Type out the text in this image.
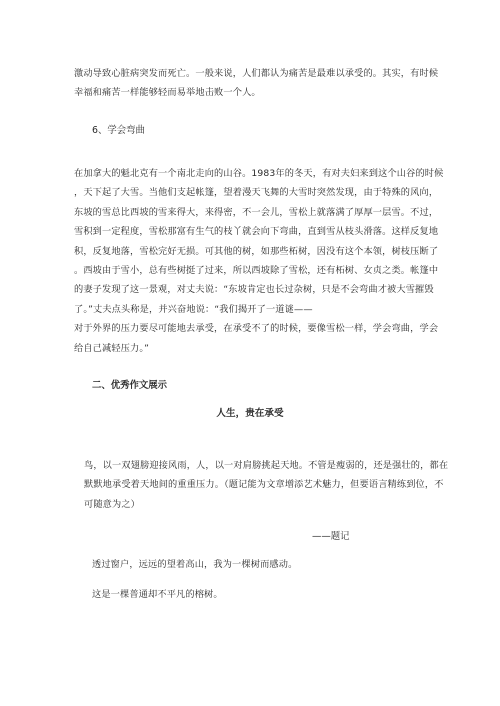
激动导致心脏病突发而死亡。一般来说，人们都认为痛苦是最难以承受的。其实，有时候
幸福和痛苦一样能够轻而易举地击败一个人。
6、学会弯曲
在加拿大的魁北克有一个南北走向的山谷。1983年的冬天，有对夫妇来到这个山谷的时候
，天下起了大雪。当他们支起帐篷，望着漫天飞舞的大雪时突然发现，由于特殊的风向，
东坡的雪总比西坡的雪来得大，来得密，不一会儿，雪松上就落满了厚厚一层雪。不过，
雪积到一定程度，雪松那富有生气的枝丫就会向下弯曲，直到雪从枝头滑落。这样反复地
积，反复地落，雪松完好无损。可其他的树，如那些柘树，因没有这个本领，树枝压断了
。西坡由于雪小，总有些树挺了过来，所以西坡除了雪松，还有柘树、女贞之类。帐篷中
的妻子发现了这一景观，对丈夫说：“东坡肯定也长过杂树，只是不会弯曲才被大雪摧毁
了。”丈夫点头称是，并兴奋地说：“我们揭开了一道谜——
对于外界的压力要尽可能地去承受，在承受不了的时候，要像雪松一样，学会弯曲，学会
给自己减轻压力。”
二、优秀作文展示
人生，贵在承受
鸟，以一双翅膀迎接风雨，人，以一对肩膀挑起天地。不管是瘦弱的，还是强壮的，都在
默默地承受着天地间的重重压力。（题记能为文章增添艺术魅力，但要语言精练到位，不
可随意为之）
——题记
透过窗户，远远的望着高山，我为一棵树而感动。
这是一棵普通却不平凡的榕树。
